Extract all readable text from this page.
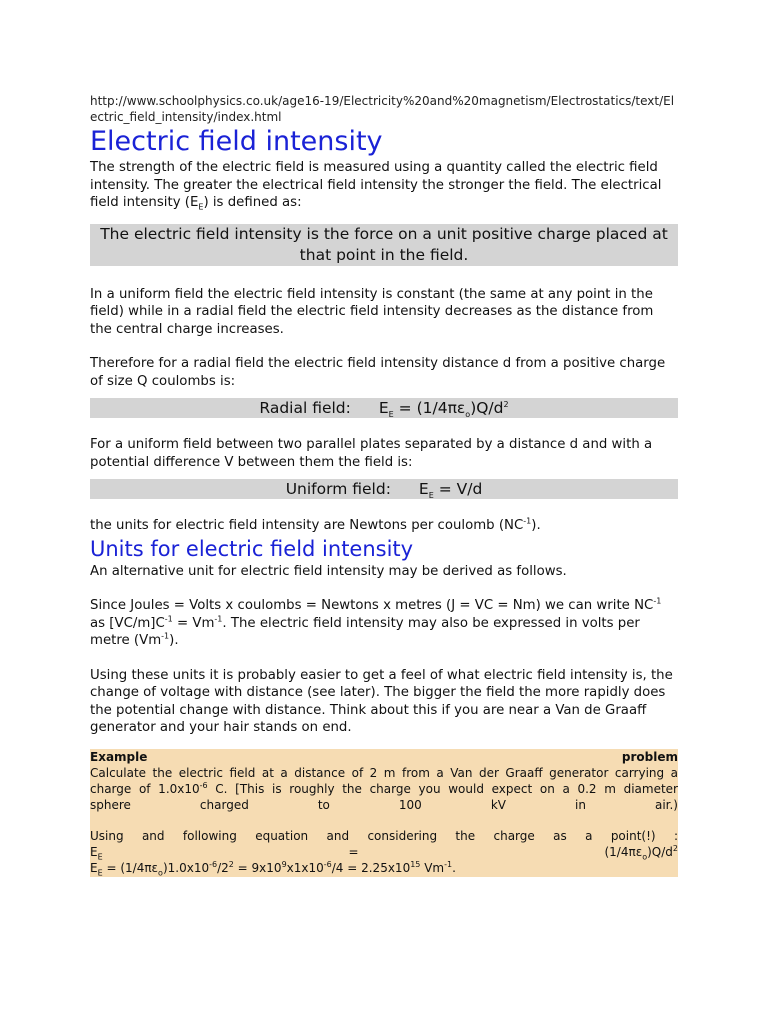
http://www.schoolphysics.co.uk/age16-19/Electricity%20and%20magnetism/Electrostatics/text/Electric_field_intensity/index.html
Electric field intensity

The strength of the electric field is measured using a quantity called the electric field intensity. The greater the electrical field intensity the stronger the field. The electrical field intensity $(E_E)$ is defined as:

The electric field intensity is the force on a unit positive charge placed at that point in the field.

In a uniform field the electric field intensity is constant (the same at any point in the field) while in a radial field the electric field intensity decreases as the distance from the central charge increases.

Therefore for a radial field the electric field intensity distance d from a positive charge of size Q coulombs is:

Radial field: $E_E = (1/4\pi\varepsilon_o)Q/d^2$

For a uniform field between two parallel plates separated by a distance d and with a potential difference V between them the field is:

Uniform field: $E_E = V/d$

the units for electric field intensity are Newtons per coulomb $(NC^{-1})$.

Units for electric field intensity

An alternative unit for electric field intensity may be derived as follows.

Since Joules = Volts x coulombs = Newtons x metres (J = VC = Nm) we can write $NC^{-1}$ as $[VC/m]C^{-1} = Vm^{-1}$. The electric field intensity may also be expressed in volts per metre $(Vm^{-1})$.

Using these units it is probably easier to get a feel of what electric field intensity is, the change of voltage with distance (see later). The bigger the field the more rapidly does the potential change with distance. Think about this if you are near a Van de Graaff generator and your hair stands on end.

Example	problem
Calculate the electric field at a distance of 2 m from a Van der Graaff generator carrying a
charge of $1.0x10^{-6}$ C. [This is roughly the charge you would expect on a 0.2 m diameter
sphere charged to 100 kV in air.)
Using and following equation and considering the charge as a point(!) :
$E_E$ =	$(1/4\pi\varepsilon_o)Q/d^2$
$E_E = (1/4\pi\varepsilon_o)1.0x10^{-6}/2^2 = 9x10^9x1x10^{-6}/4 = 2.25x10^{15}$ $Vm^{-1}$.
